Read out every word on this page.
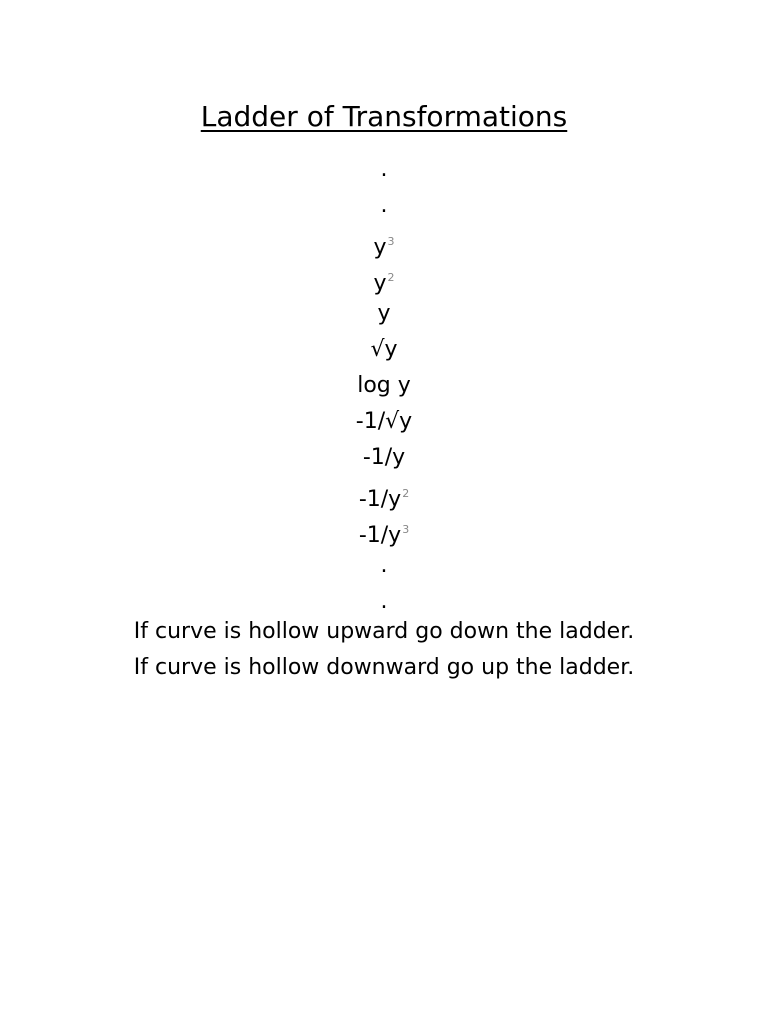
Ladder of Transformations
.
.
$y^3$
$y^2$
y
√y
log y
-1/√y
-1/y
$-1/y^2$
$-1/y^3$
.
.
If curve is hollow upward go down the ladder.
If curve is hollow downward go up the ladder.
